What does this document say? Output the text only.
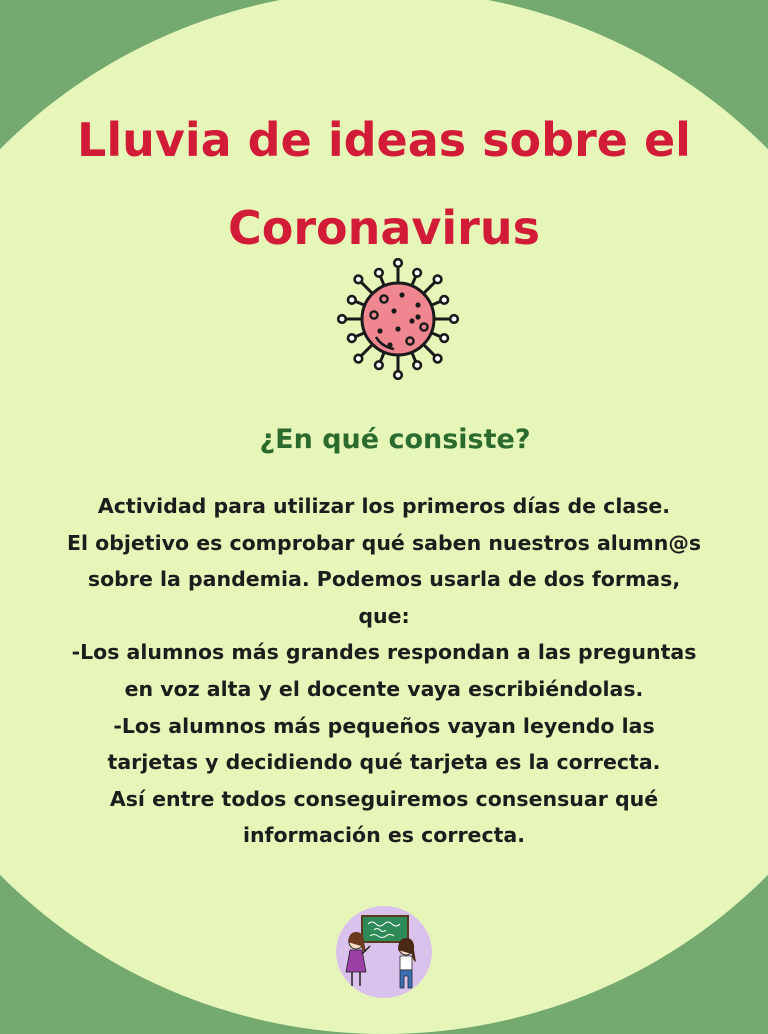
Lluvia de ideas sobre el
Coronavirus
¿En qué consiste?
Actividad para utilizar los primeros días de clase.
El objetivo es comprobar qué saben nuestros alumn@s
sobre la pandemia. Podemos usarla de dos formas,
que:
-Los alumnos más grandes respondan a las preguntas
en voz alta y el docente vaya escribiéndolas.
-Los alumnos más pequeños vayan leyendo las
tarjetas y decidiendo qué tarjeta es la correcta.
Así entre todos conseguiremos consensuar qué
información es correcta.
